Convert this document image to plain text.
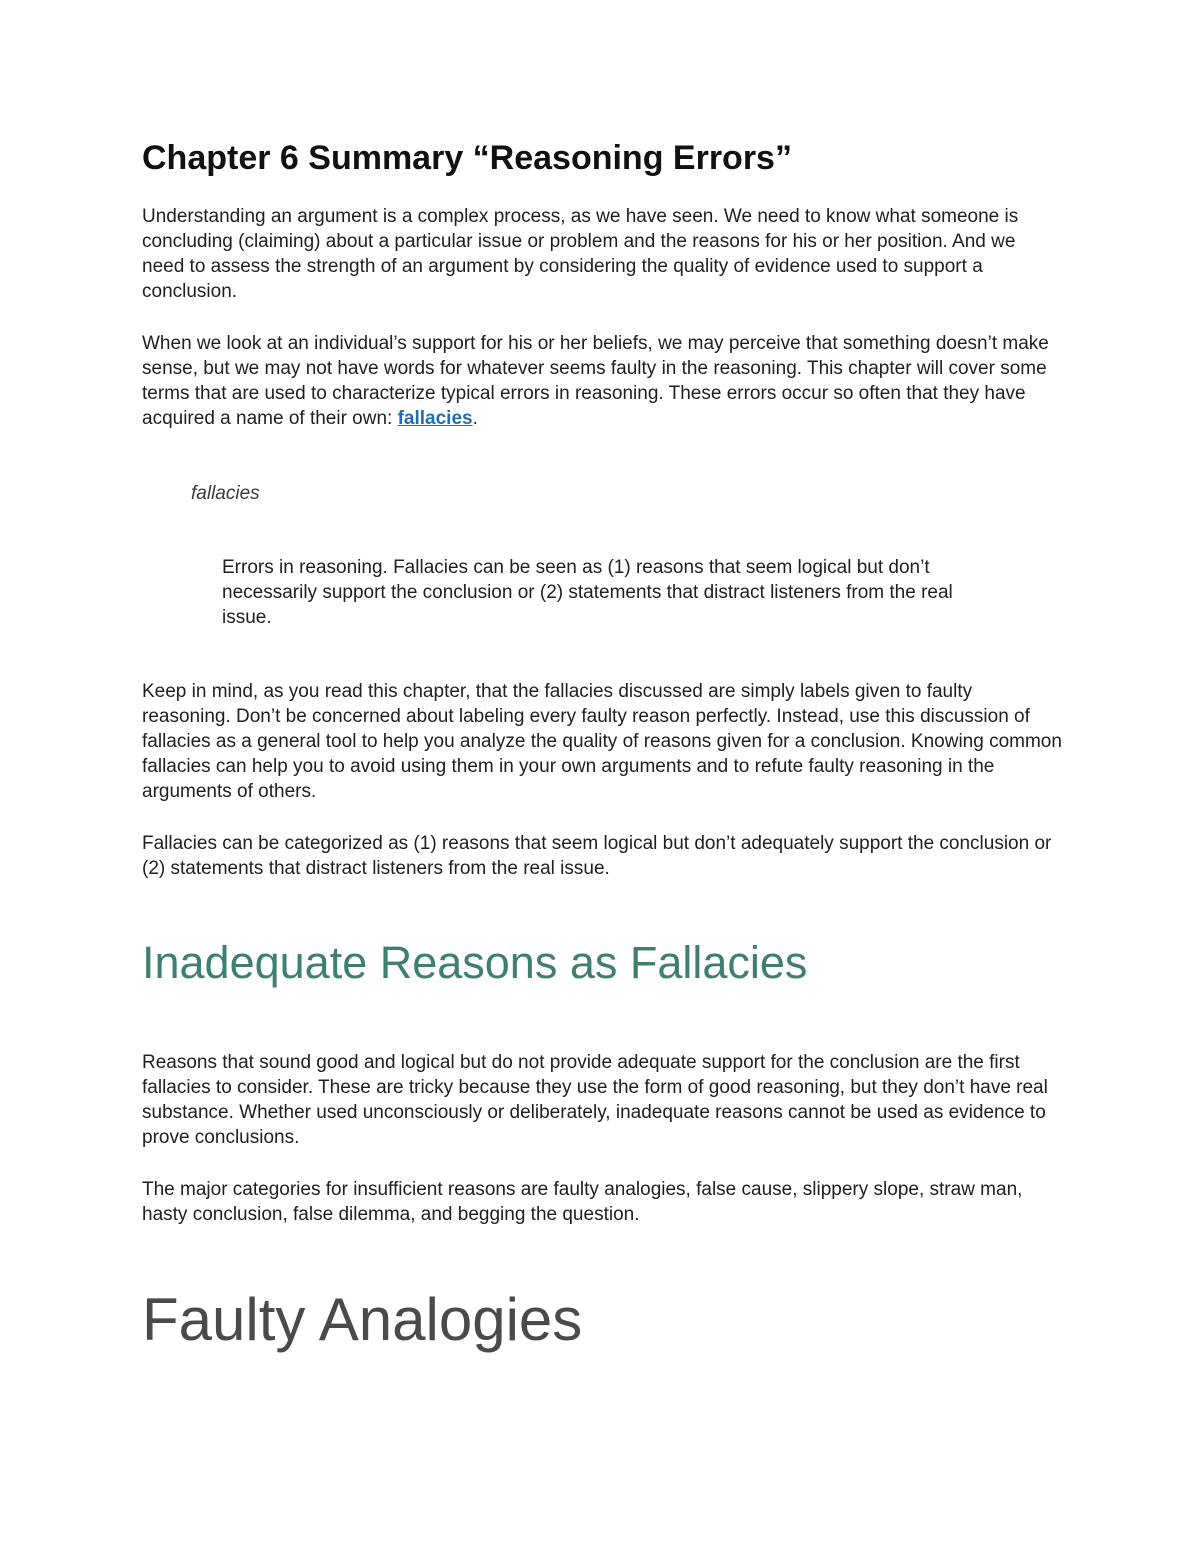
Chapter 6 Summary “Reasoning Errors”

Understanding an argument is a complex process, as we have seen. We need to know what someone is concluding (claiming) about a particular issue or problem and the reasons for his or her position. And we need to assess the strength of an argument by considering the quality of evidence used to support a conclusion.

When we look at an individual’s support for his or her beliefs, we may perceive that something doesn’t make sense, but we may not have words for whatever seems faulty in the reasoning. This chapter will cover some terms that are used to characterize typical errors in reasoning. These errors occur so often that they have acquired a name of their own: fallacies.

fallacies

Errors in reasoning. Fallacies can be seen as (1) reasons that seem logical but don’t necessarily support the conclusion or (2) statements that distract listeners from the real issue.

Keep in mind, as you read this chapter, that the fallacies discussed are simply labels given to faulty reasoning. Don’t be concerned about labeling every faulty reason perfectly. Instead, use this discussion of fallacies as a general tool to help you analyze the quality of reasons given for a conclusion. Knowing common fallacies can help you to avoid using them in your own arguments and to refute faulty reasoning in the arguments of others.

Fallacies can be categorized as (1) reasons that seem logical but don’t adequately support the conclusion or (2) statements that distract listeners from the real issue.

Inadequate Reasons as Fallacies

Reasons that sound good and logical but do not provide adequate support for the conclusion are the first fallacies to consider. These are tricky because they use the form of good reasoning, but they don’t have real substance. Whether used unconsciously or deliberately, inadequate reasons cannot be used as evidence to prove conclusions.

The major categories for insufficient reasons are faulty analogies, false cause, slippery slope, straw man, hasty conclusion, false dilemma, and begging the question.

Faulty Analogies
